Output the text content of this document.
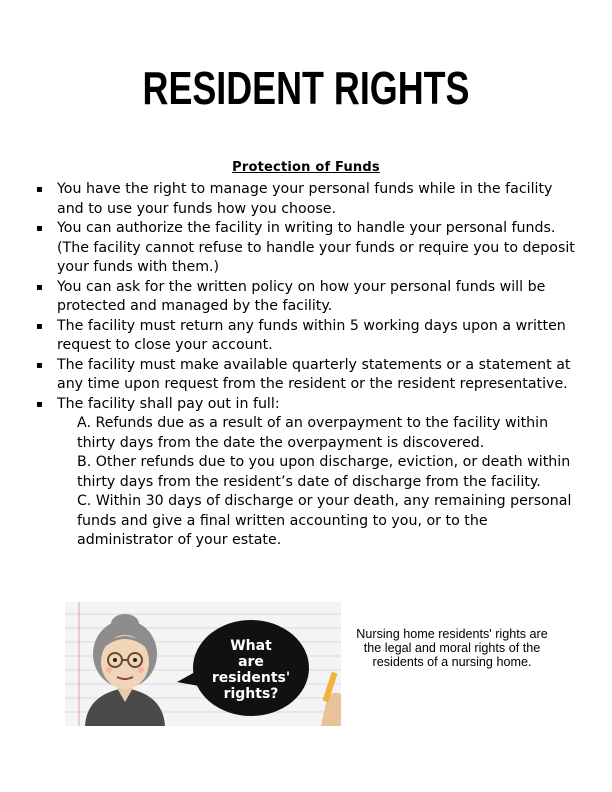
RESIDENT RIGHTS
Protection of Funds
▪ You have the right to manage your personal funds while in the facility and to use your funds how you choose.
▪ You can authorize the facility in writing to handle your personal funds. (The facility cannot refuse to handle your funds or require you to deposit your funds with them.)
▪ You can ask for the written policy on how your personal funds will be protected and managed by the facility.
▪ The facility must return any funds within 5 working days upon a written request to close your account.
▪ The facility must make available quarterly statements or a statement at any time upon request from the resident or the resident representative.
▪ The facility shall pay out in full:

A. Refunds due as a result of an overpayment to the facility within thirty days from the date the overpayment is discovered.

B. Other refunds due to you upon discharge, eviction, or death within thirty days from the resident’s date of discharge from the facility.

C. Within 30 days of discharge or your death, any remaining personal funds and give a final written accounting to you, or to the administrator of your estate.

What
are
residents'
rights?
Nursing home residents' rights are the legal and moral rights of the residents of a nursing home.
